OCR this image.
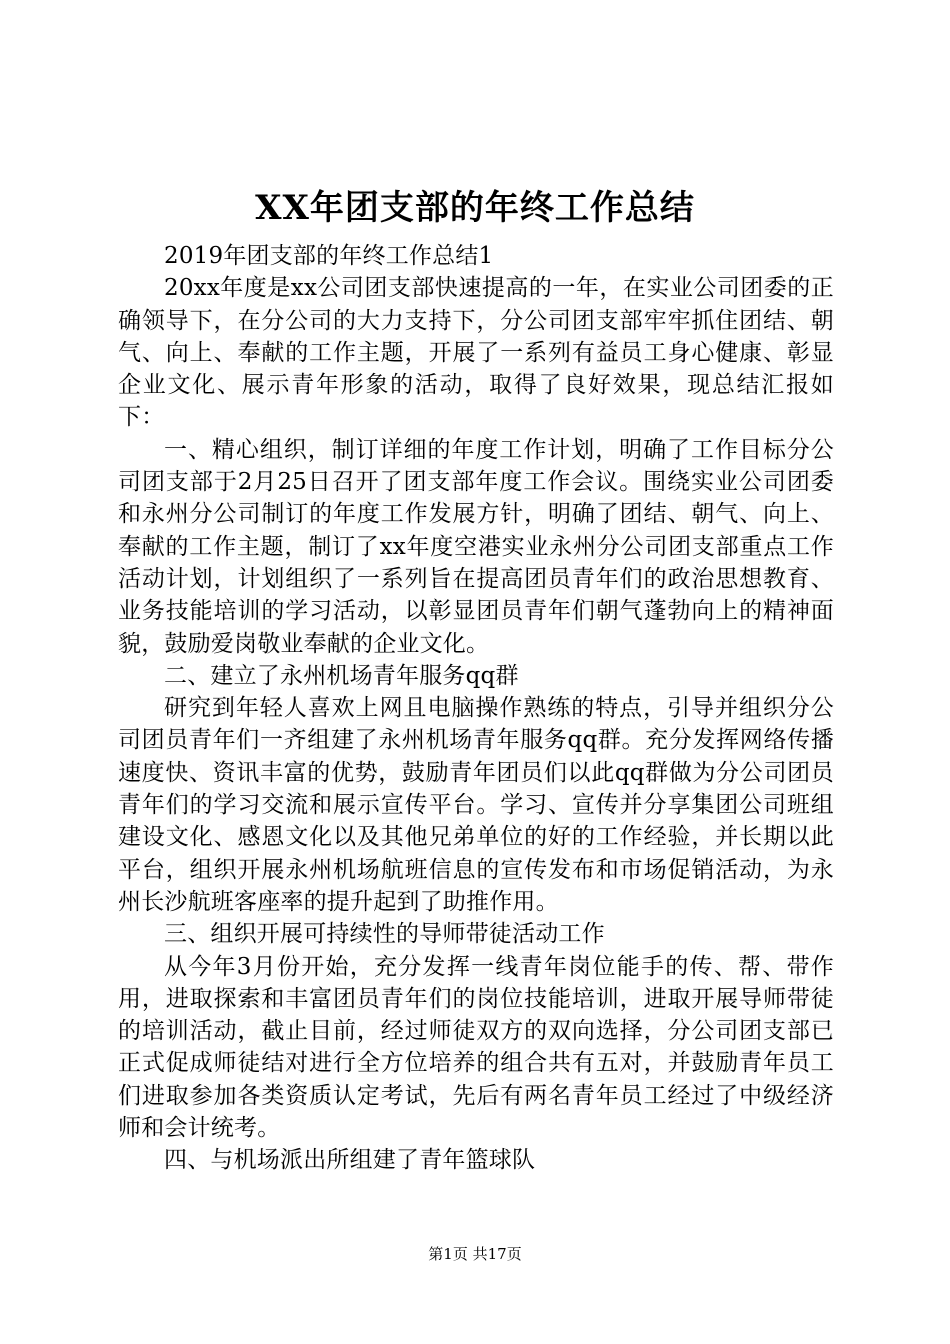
XX年团支部的年终工作总结

2019年团支部的年终工作总结1

20xx年度是xx公司团支部快速提高的一年，在实业公司团委的正确领导下，在分公司的大力支持下，分公司团支部牢牢抓住团结、朝气、向上、奉献的工作主题，开展了一系列有益员工身心健康、彰显企业文化、展示青年形象的活动，取得了良好效果，现总结汇报如下：

一、精心组织，制订详细的年度工作计划，明确了工作目标分公司团支部于2月25日召开了团支部年度工作会议。围绕实业公司团委和永州分公司制订的年度工作发展方针，明确了团结、朝气、向上、奉献的工作主题，制订了xx年度空港实业永州分公司团支部重点工作活动计划，计划组织了一系列旨在提高团员青年们的政治思想教育、业务技能培训的学习活动，以彰显团员青年们朝气蓬勃向上的精神面貌，鼓励爱岗敬业奉献的企业文化。

二、建立了永州机场青年服务qq群

研究到年轻人喜欢上网且电脑操作熟练的特点，引导并组织分公司团员青年们一齐组建了永州机场青年服务qq群。充分发挥网络传播速度快、资讯丰富的优势，鼓励青年团员们以此qq群做为分公司团员青年们的学习交流和展示宣传平台。学习、宣传并分享集团公司班组建设文化、感恩文化以及其他兄弟单位的好的工作经验，并长期以此平台，组织开展永州机场航班信息的宣传发布和市场促销活动，为永州长沙航班客座率的提升起到了助推作用。

三、组织开展可持续性的导师带徒活动工作

从今年3月份开始，充分发挥一线青年岗位能手的传、帮、带作用，进取探索和丰富团员青年们的岗位技能培训，进取开展导师带徒的培训活动，截止目前，经过师徒双方的双向选择，分公司团支部已正式促成师徒结对进行全方位培养的组合共有五对，并鼓励青年员工们进取参加各类资质认定考试，先后有两名青年员工经过了中级经济师和会计统考。

四、与机场派出所组建了青年篮球队

第1页 共17页
